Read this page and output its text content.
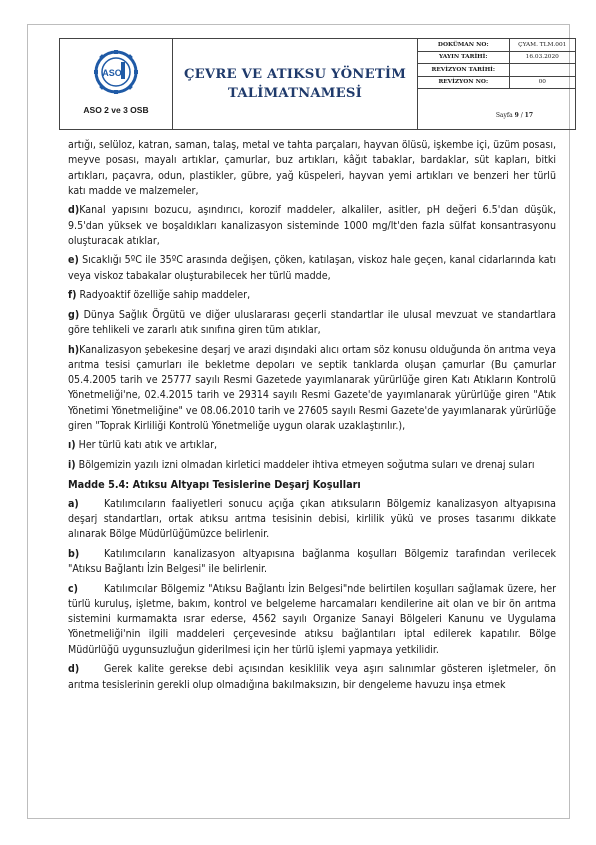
ASO
ASO 2 ve 3 OSB
ÇEVRE VE ATIKSU YÖNETİM
TALİMATNAMESİ
DOKÜMAN NO:	ÇYAM. TLM.001
YAYIN TARİHİ:	16.03.2020
REVİZYON TARİHİ:	
REVİZYON NO:	00
Sayfa 9 / 17

artığı, selüloz, katran, saman, talaş, metal ve tahta parçaları, hayvan ölüsü, işkembe içi, üzüm posası, meyve posası, mayalı artıklar, çamurlar, buz artıkları, kâğıt tabaklar, bardaklar, süt kapları, bitki artıkları, paçavra, odun, plastikler, gübre, yağ küspeleri, hayvan yemi artıkları ve benzeri her türlü katı madde ve malzemeler,

d)Kanal yapısını bozucu, aşındırıcı, korozif maddeler, alkaliler, asitler, pH değeri 6.5'dan düşük, 9.5'dan yüksek ve boşaldıkları kanalizasyon sisteminde 1000 mg/lt'den fazla sülfat konsantrasyonu oluşturacak atıklar,

e) Sıcaklığı 5ºC ile 35ºC arasında değişen, çöken, katılaşan, viskoz hale geçen, kanal cidarlarında katı veya viskoz tabakalar oluşturabilecek her türlü madde,

f) Radyoaktif özelliğe sahip maddeler,

g) Dünya Sağlık Örgütü ve diğer uluslararası geçerli standartlar ile ulusal mevzuat ve standartlara göre tehlikeli ve zararlı atık sınıfına giren tüm atıklar,

h)Kanalizasyon şebekesine deşarj ve arazi dışındaki alıcı ortam söz konusu olduğunda ön arıtma veya arıtma tesisi çamurları ile bekletme depoları ve septik tanklarda oluşan çamurlar (Bu çamurlar 05.4.2005 tarih ve 25777 sayılı Resmi Gazetede yayımlanarak yürürlüğe giren Katı Atıkların Kontrolü Yönetmeliği'ne, 02.4.2015 tarih ve 29314 sayılı Resmi Gazete'de yayımlanarak yürürlüğe giren "Atık Yönetimi Yönetmeliğine" ve 08.06.2010 tarih ve 27605 sayılı Resmi Gazete'de yayımlanarak yürürlüğe giren "Toprak Kirliliği Kontrolü Yönetmeliğe uygun olarak uzaklaştırılır.),

ı) Her türlü katı atık ve artıklar,

i) Bölgemizin yazılı izni olmadan kirletici maddeler ihtiva etmeyen soğutma suları ve drenaj suları

Madde 5.4: Atıksu Altyapı Tesislerine Deşarj Koşulları

a) Katılımcıların faaliyetleri sonucu açığa çıkan atıksuların Bölgemiz kanalizasyon altyapısına deşarj standartları, ortak atıksu arıtma tesisinin debisi, kirlilik yükü ve proses tasarımı dikkate alınarak Bölge Müdürlüğümüzce belirlenir.

b) Katılımcıların kanalizasyon altyapısına bağlanma koşulları Bölgemiz tarafından verilecek "Atıksu Bağlantı İzin Belgesi" ile belirlenir.

c) Katılımcılar Bölgemiz "Atıksu Bağlantı İzin Belgesi"nde belirtilen koşulları sağlamak üzere, her türlü kuruluş, işletme, bakım, kontrol ve belgeleme harcamaları kendilerine ait olan ve bir ön arıtma sistemini kurmamakta ısrar ederse, 4562 sayılı Organize Sanayi Bölgeleri Kanunu ve Uygulama Yönetmeliği'nin ilgili maddeleri çerçevesinde atıksu bağlantıları iptal edilerek kapatılır. Bölge Müdürlüğü uygunsuzluğun giderilmesi için her türlü işlemi yapmaya yetkilidir.

d) Gerek kalite gerekse debi açısından kesiklilik veya aşırı salınımlar gösteren işletmeler, ön arıtma tesislerinin gerekli olup olmadığına bakılmaksızın, bir dengeleme havuzu inşa etmek
